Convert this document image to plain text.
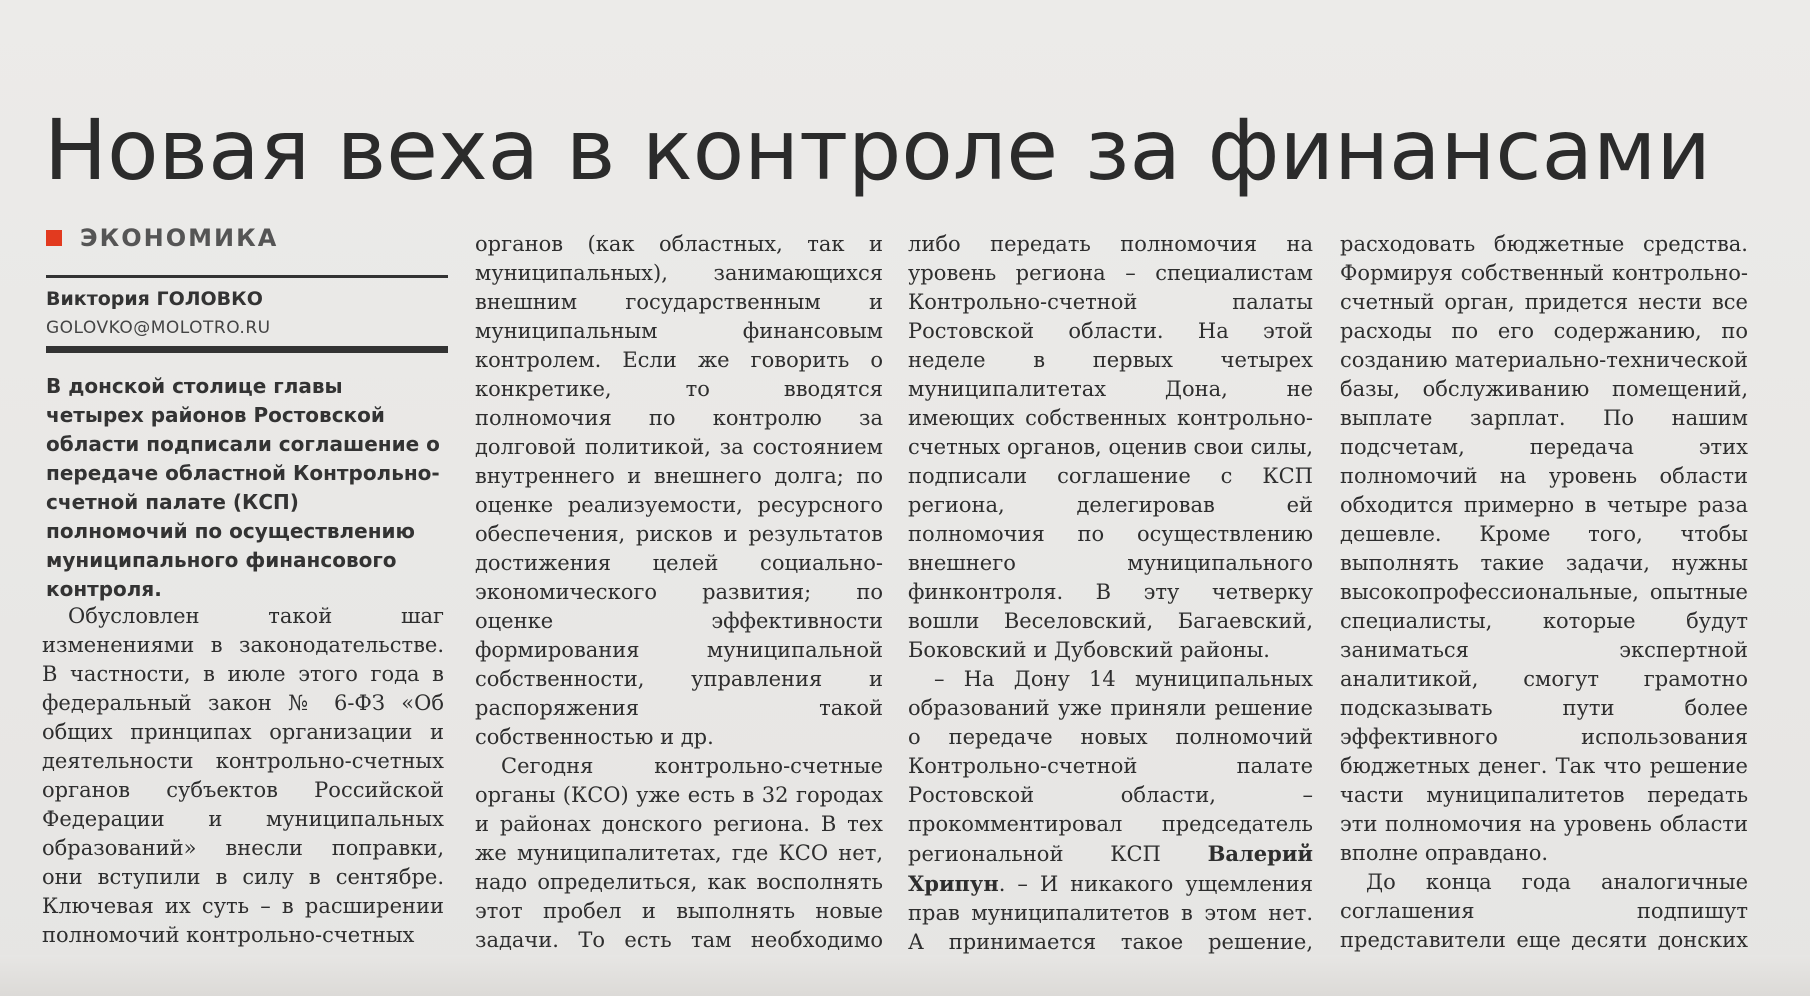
Новая веха в контроле за финансами
ЭКОНОМИКА
Виктория ГОЛОВКО
GOLOVKO@MOLOTRO.RU
В донской столице главы четырех районов Ростовской области подписали соглашение о передаче областной Контрольно-счетной палате (КСП) полномочий по осуществлению муниципального финансового контроля.

Обусловлен такой шаг изменениями в законодательстве. В частности, в июле этого года в федеральный закон № 6-ФЗ «Об общих принципах организации и деятельности контрольно-счетных органов субъектов Российской Федерации и муниципальных образований» внесли поправки, они вступили в силу в сентябре. Ключевая их суть – в расширении полномочий контрольно-счетных

органов (как областных, так и муниципальных), занимающихся внешним государственным и муниципальным финансовым контролем. Если же говорить о конкретике, то вводятся полномочия по контролю за долговой политикой, за состоянием внутреннего и внешнего долга; по оценке реализуемости, ресурсного обеспечения, рисков и результатов достижения целей социально-экономического развития; по оценке эффективности формирования муниципальной собственности, управления и распоряжения такой собственностью и др.

Сегодня контрольно-счетные органы (КСО) уже есть в 32 городах и районах донского региона. В тех же муниципалитетах, где КСО нет, надо определиться, как восполнять этот пробел и выполнять новые задачи. То есть там необходимо

либо передать полномочия на уровень региона – специалистам Контрольно-счетной палаты Ростовской области. На этой неделе в первых четырех муниципалитетах Дона, не имеющих собственных контрольно-счетных органов, оценив свои силы, подписали соглашение с КСП региона, делегировав ей полномочия по осуществлению внешнего муниципального финконтроля. В эту четверку вошли Веселовский, Багаевский, Боковский и Дубовский районы.

– На Дону 14 муниципальных образований уже приняли решение о передаче новых полномочий Контрольно-счетной палате Ростовской области, – прокомментировал председатель региональной КСП Валерий Хрипун. – И никакого ущемления прав муниципалитетов в этом нет. А принимается такое решение,

расходовать бюджетные средства. Формируя собственный контрольно-счетный орган, придется нести все расходы по его содержанию, по созданию материально-технической базы, обслуживанию помещений, выплате зарплат. По нашим подсчетам, передача этих полномочий на уровень области обходится примерно в четыре раза дешевле. Кроме того, чтобы выполнять такие задачи, нужны высокопрофессиональные, опытные специалисты, которые будут заниматься экспертной аналитикой, смогут грамотно подсказывать пути более эффективного использования бюджетных денег. Так что решение части муниципалитетов передать эти полномочия на уровень области вполне оправдано.

До конца года аналогичные соглашения подпишут представители еще десяти донских
